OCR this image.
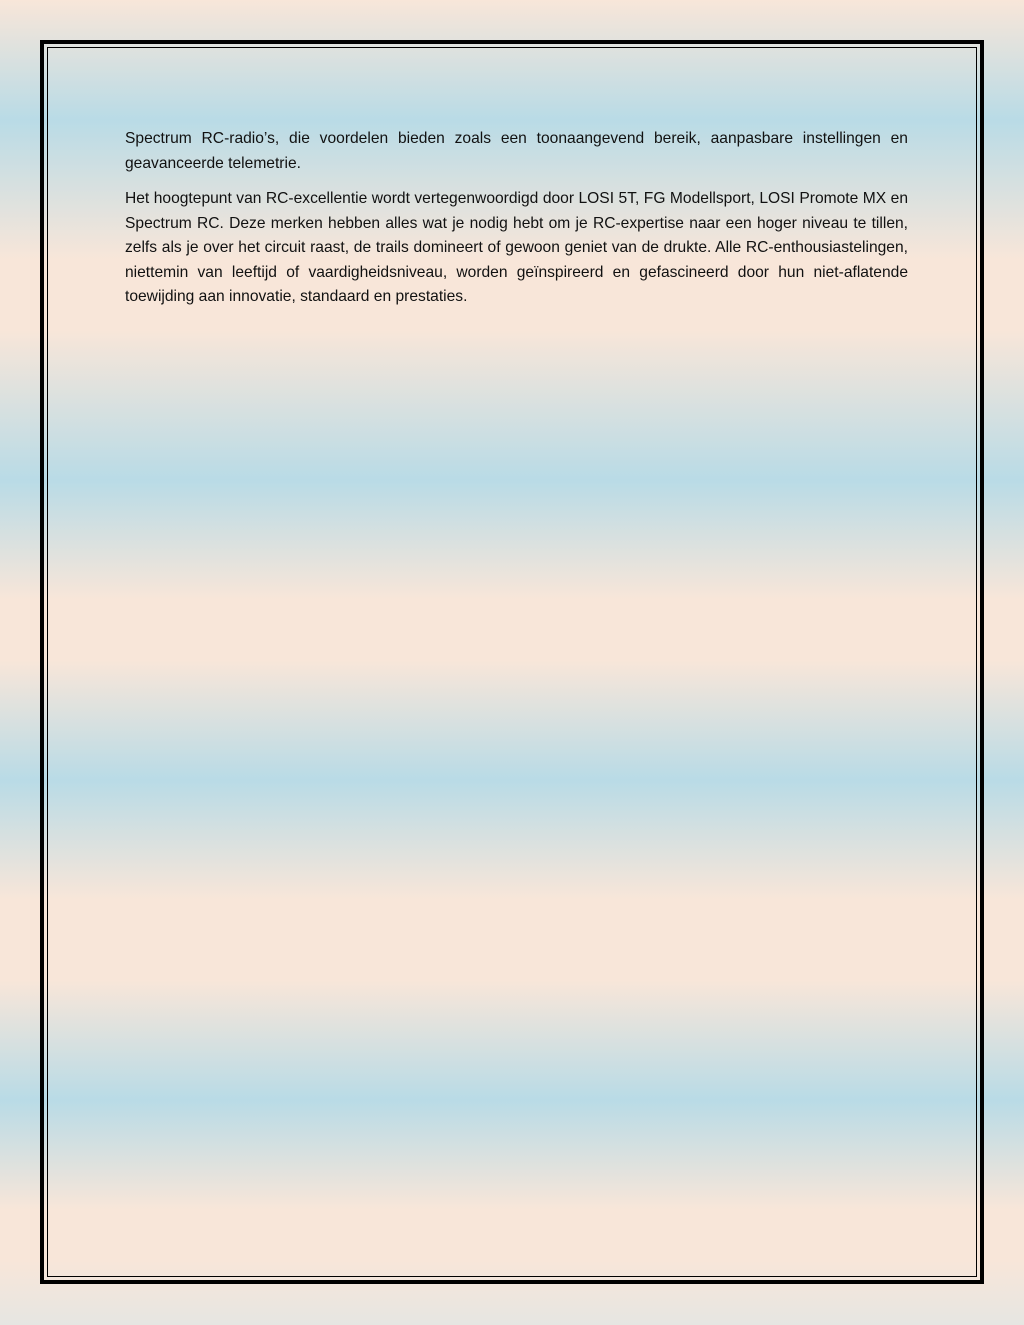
Spectrum RC-radio’s, die voordelen bieden zoals een toonaangevend bereik, aanpasbare instellingen en geavanceerde telemetrie.

Het hoogtepunt van RC-excellentie wordt vertegenwoordigd door LOSI 5T, FG Modellsport, LOSI Promote MX en Spectrum RC. Deze merken hebben alles wat je nodig hebt om je RC-expertise naar een hoger niveau te tillen, zelfs als je over het circuit raast, de trails domineert of gewoon geniet van de drukte. Alle RC-enthousiastelingen, niettemin van leeftijd of vaardigheidsniveau, worden geïnspireerd en gefascineerd door hun niet-aflatende toewijding aan innovatie, standaard en prestaties.
